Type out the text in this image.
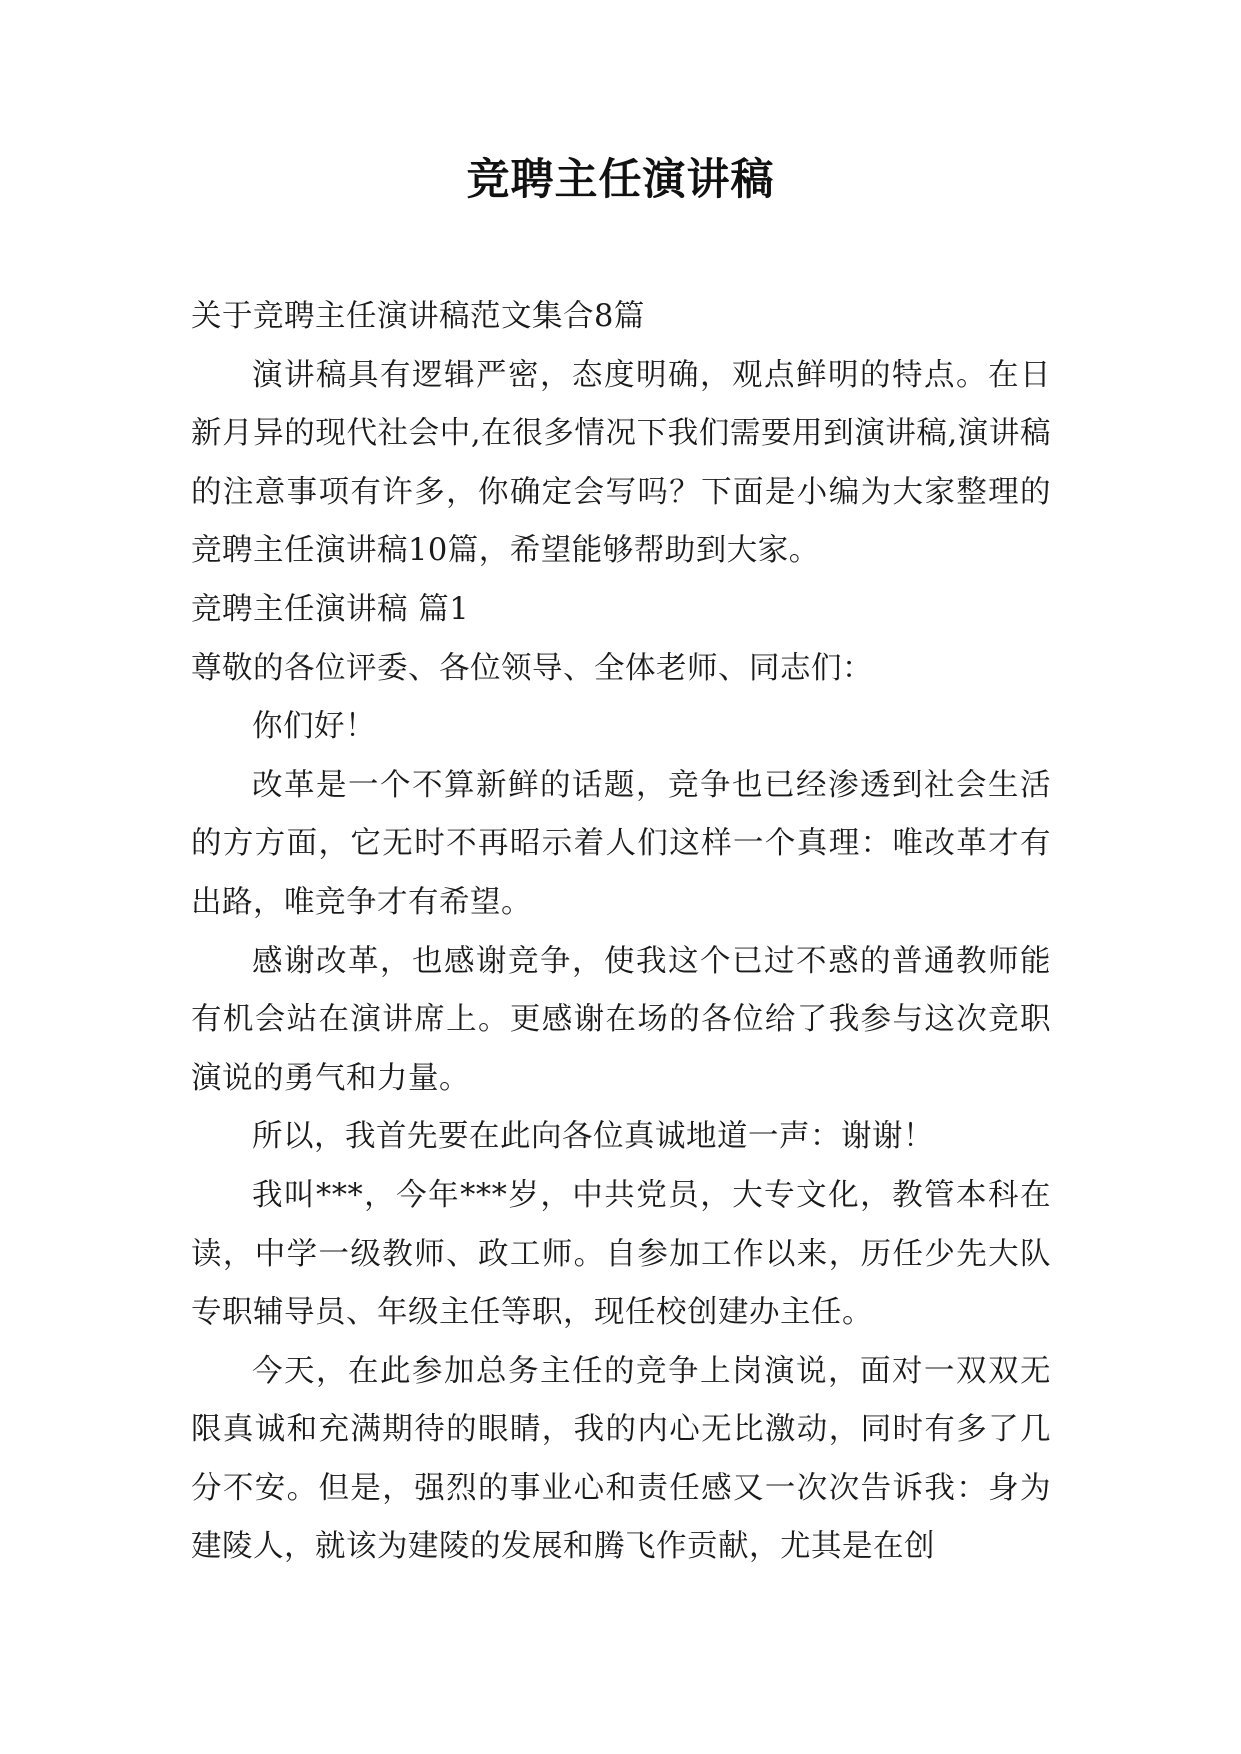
竞聘主任演讲稿

关于竞聘主任演讲稿范文集合8篇

演讲稿具有逻辑严密，态度明确，观点鲜明的特点。在日新月异的现代社会中,在很多情况下我们需要用到演讲稿,演讲稿的注意事项有许多，你确定会写吗？下面是小编为大家整理的竞聘主任演讲稿10篇，希望能够帮助到大家。

竞聘主任演讲稿 篇1

尊敬的各位评委、各位领导、全体老师、同志们：

你们好！

改革是一个不算新鲜的话题，竞争也已经渗透到社会生活的方方面，它无时不再昭示着人们这样一个真理：唯改革才有出路，唯竞争才有希望。

感谢改革，也感谢竞争，使我这个已过不惑的普通教师能有机会站在演讲席上。更感谢在场的各位给了我参与这次竞职演说的勇气和力量。

所以，我首先要在此向各位真诚地道一声：谢谢！

我叫***，今年***岁，中共党员，大专文化，教管本科在读，中学一级教师、政工师。自参加工作以来，历任少先大队专职辅导员、年级主任等职，现任校创建办主任。

今天，在此参加总务主任的竞争上岗演说，面对一双双无限真诚和充满期待的眼睛，我的内心无比激动，同时有多了几分不安。但是，强烈的事业心和责任感又一次次告诉我：身为建陵人，就该为建陵的发展和腾飞作贡献，尤其是在创
